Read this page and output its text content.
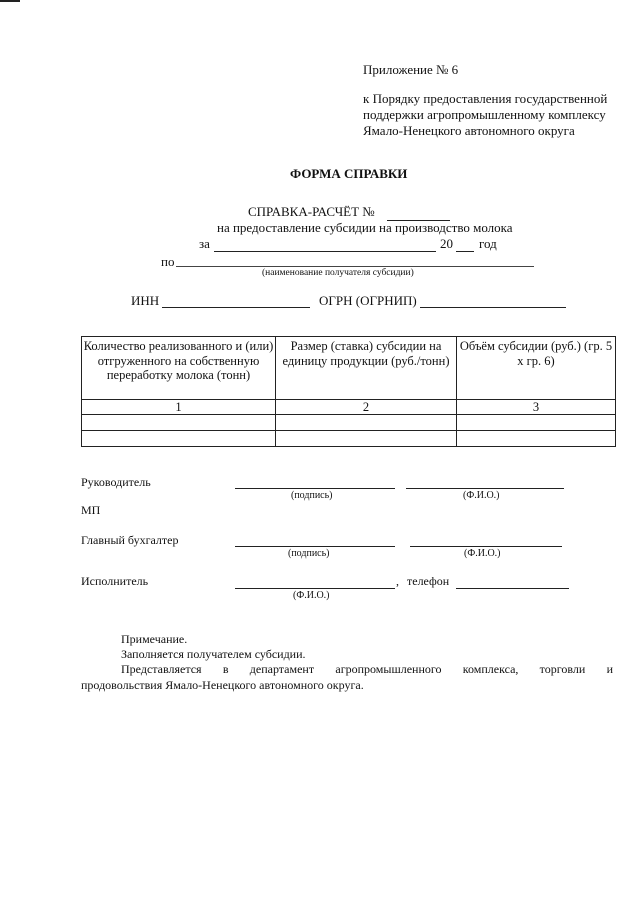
Приложение № 6
к Порядку предоставления государственной
поддержки агропромышленному комплексу
Ямало-Ненецкого автономного округа
ФОРМА СПРАВКИ
СПРАВКА-РАСЧЁТ №
на предоставление субсидии на производство молока
за	20 год
по
(наименование получателя субсидии)
ИНН	ОГРН (ОГРНИП)
Количество реализованного и (или) отгруженного на собственную переработку молока (тонн)	Размер (ставка) субсидии на единицу продукции (руб./тонн)	Объём субсидии (руб.) (гр. 5 х гр. 6)
1	2	3

Руководитель
(подпись)	(Ф.И.О.)
МП
Главный бухгалтер
(подпись)	(Ф.И.О.)
Исполнитель	, телефон
(Ф.И.О.)
Примечание.
Заполняется получателем субсидии.
Представляется в департамент агропромышленного комплекса, торговли и
продовольствия Ямало-Ненецкого автономного округа.
